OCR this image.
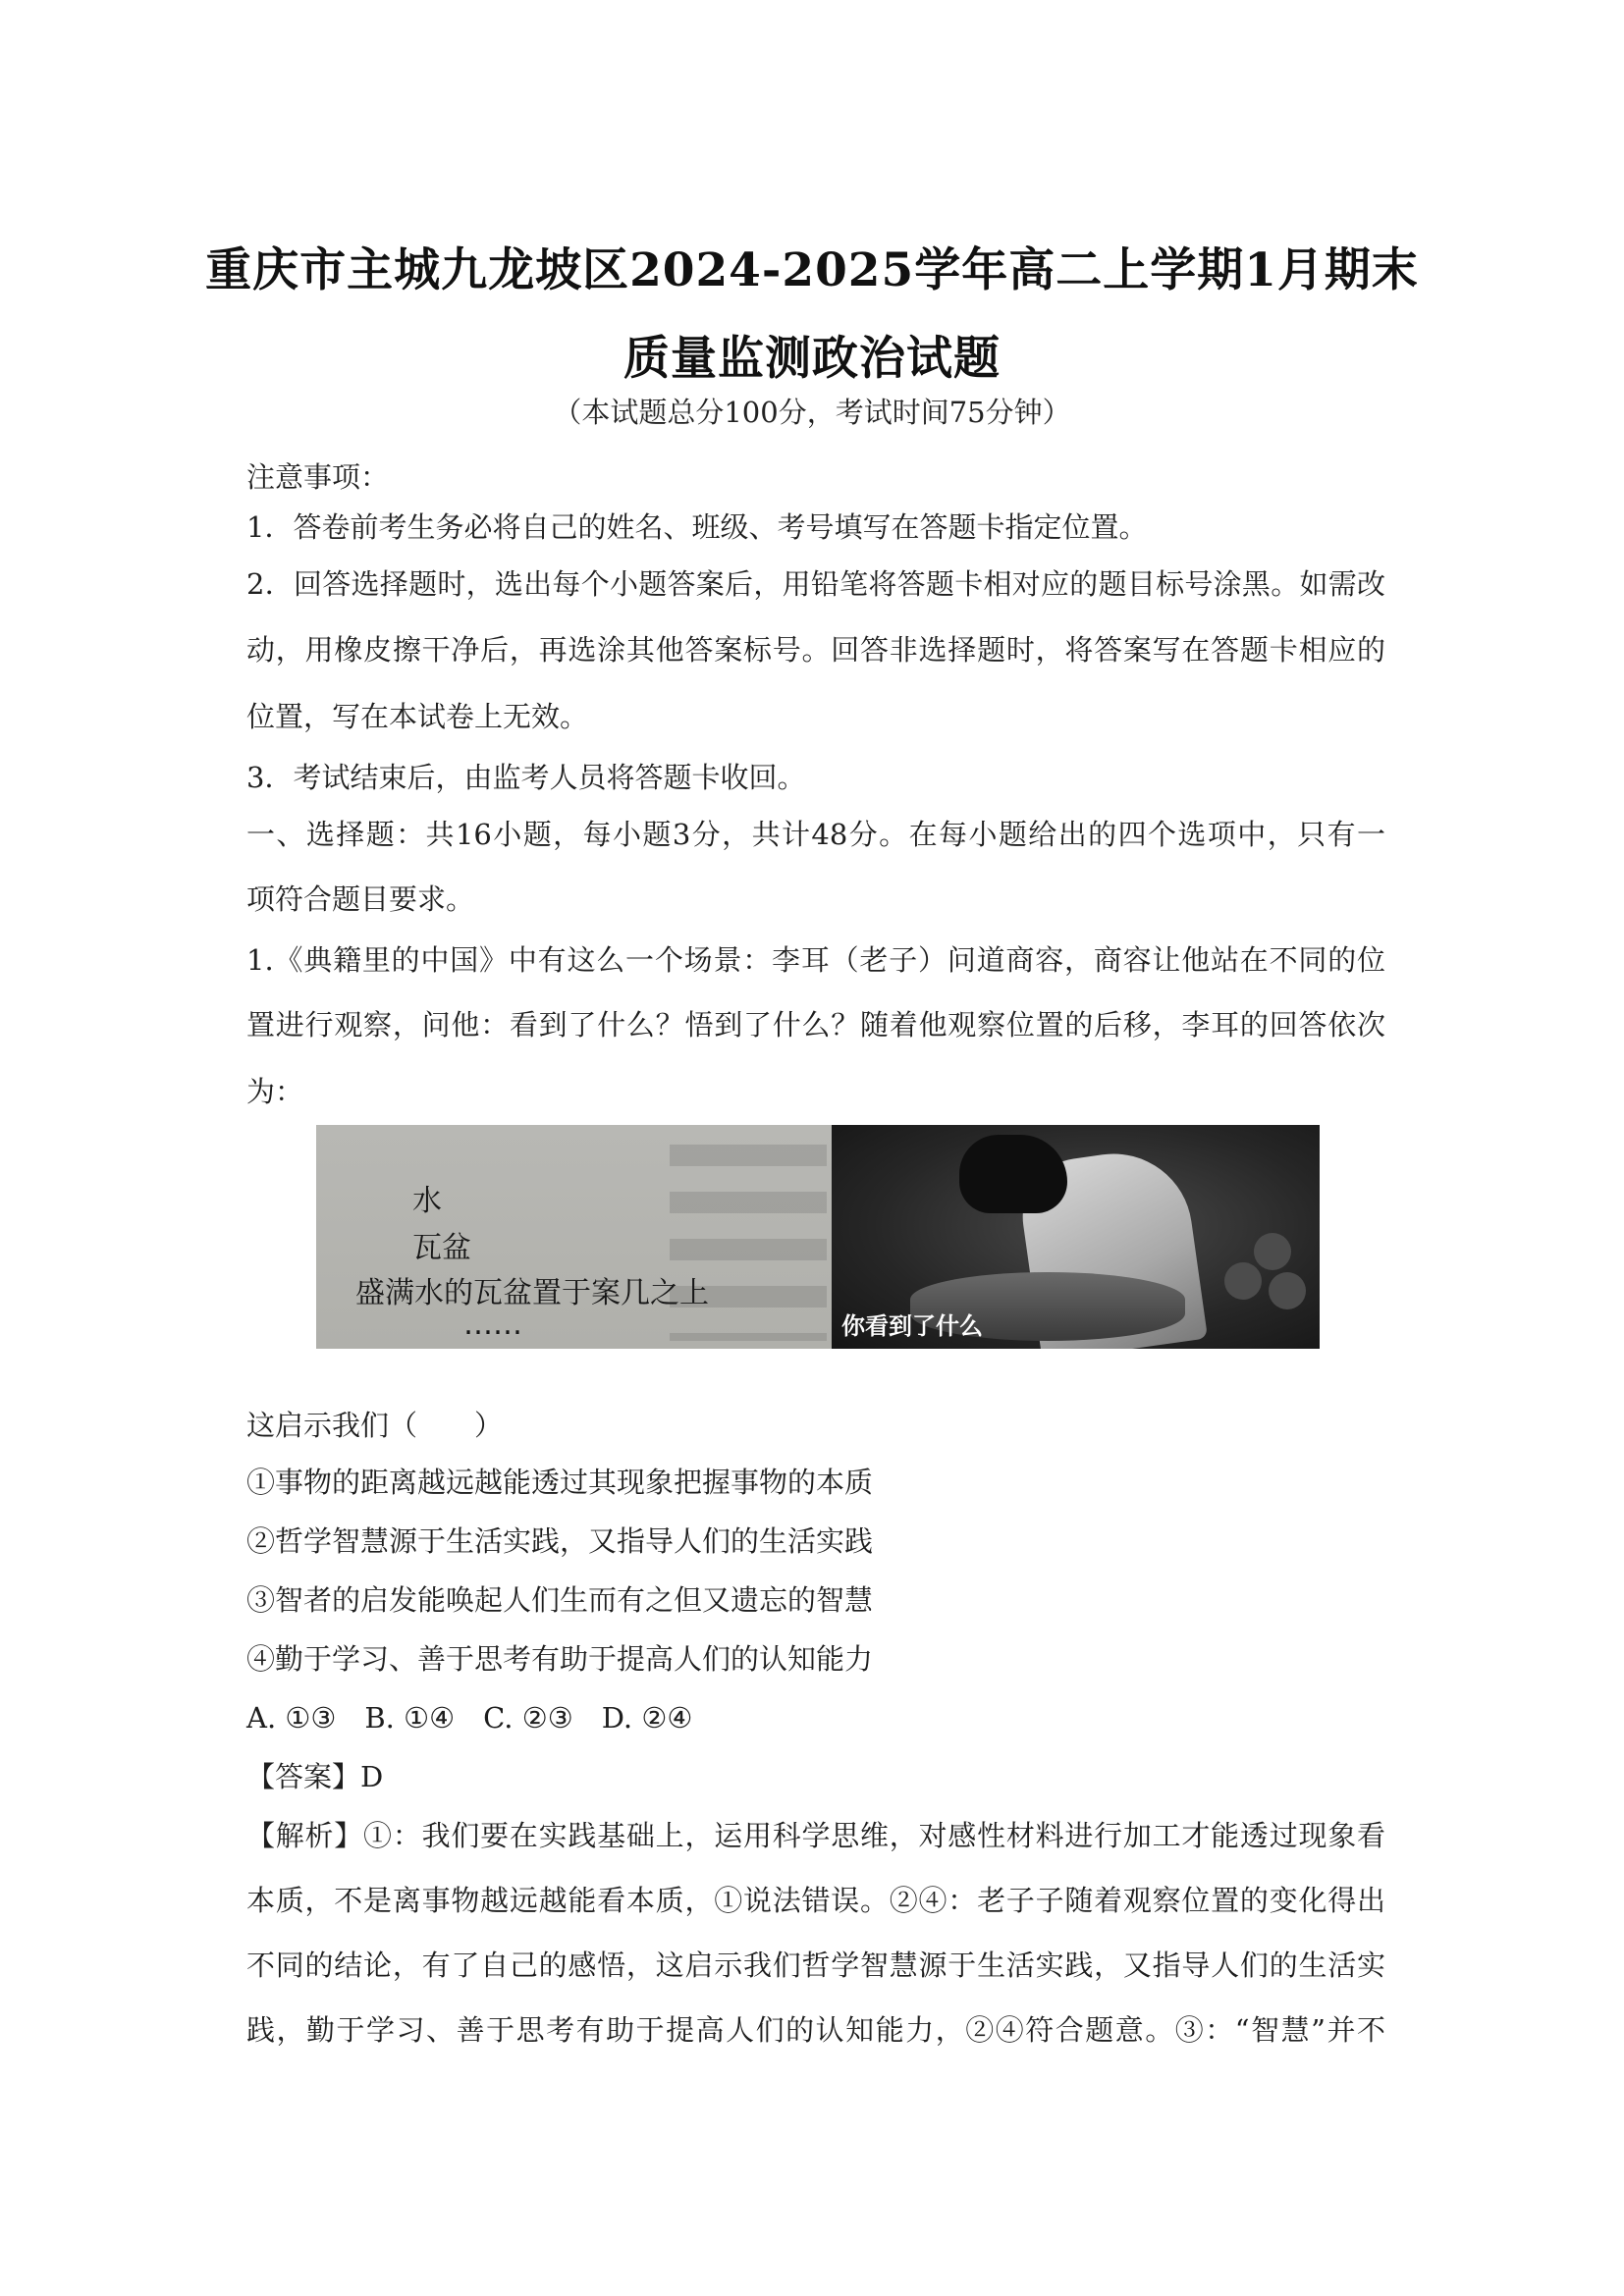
重庆市主城九龙坡区2024-2025学年高二上学期1月期末
质量监测政治试题
（本试题总分100分，考试时间75分钟）
注意事项：
1．答卷前考生务必将自己的姓名、班级、考号填写在答题卡指定位置。
2．回答选择题时，选出每个小题答案后，用铅笔将答题卡相对应的题目标号涂黑。如需改
动，用橡皮擦干净后，再选涂其他答案标号。回答非选择题时，将答案写在答题卡相应的
位置，写在本试卷上无效。
3．考试结束后，由监考人员将答题卡收回。
一、选择题：共16小题，每小题3分，共计48分。在每小题给出的四个选项中，只有一
项符合题目要求。
1.《典籍里的中国》中有这么一个场景：李耳（老子）问道商容，商容让他站在不同的位
置进行观察，问他：看到了什么？悟到了什么？随着他观察位置的后移，李耳的回答依次
为：
水
瓦盆
盛满水的瓦盆置于案几之上
……	你看到了什么
这启示我们（　　）
①事物的距离越远越能透过其现象把握事物的本质
②哲学智慧源于生活实践，又指导人们的生活实践
③智者的启发能唤起人们生而有之但又遗忘的智慧
④勤于学习、善于思考有助于提高人们的认知能力
A. ①③　B. ①④　C. ②③　D. ②④
【答案】D
【解析】①：我们要在实践基础上，运用科学思维，对感性材料进行加工才能透过现象看
本质，不是离事物越远越能看本质，①说法错误。②④：老子子随着观察位置的变化得出
不同的结论，有了自己的感悟，这启示我们哲学智慧源于生活实践，又指导人们的生活实
践，勤于学习、善于思考有助于提高人们的认知能力，②④符合题意。③：“智慧”并不
